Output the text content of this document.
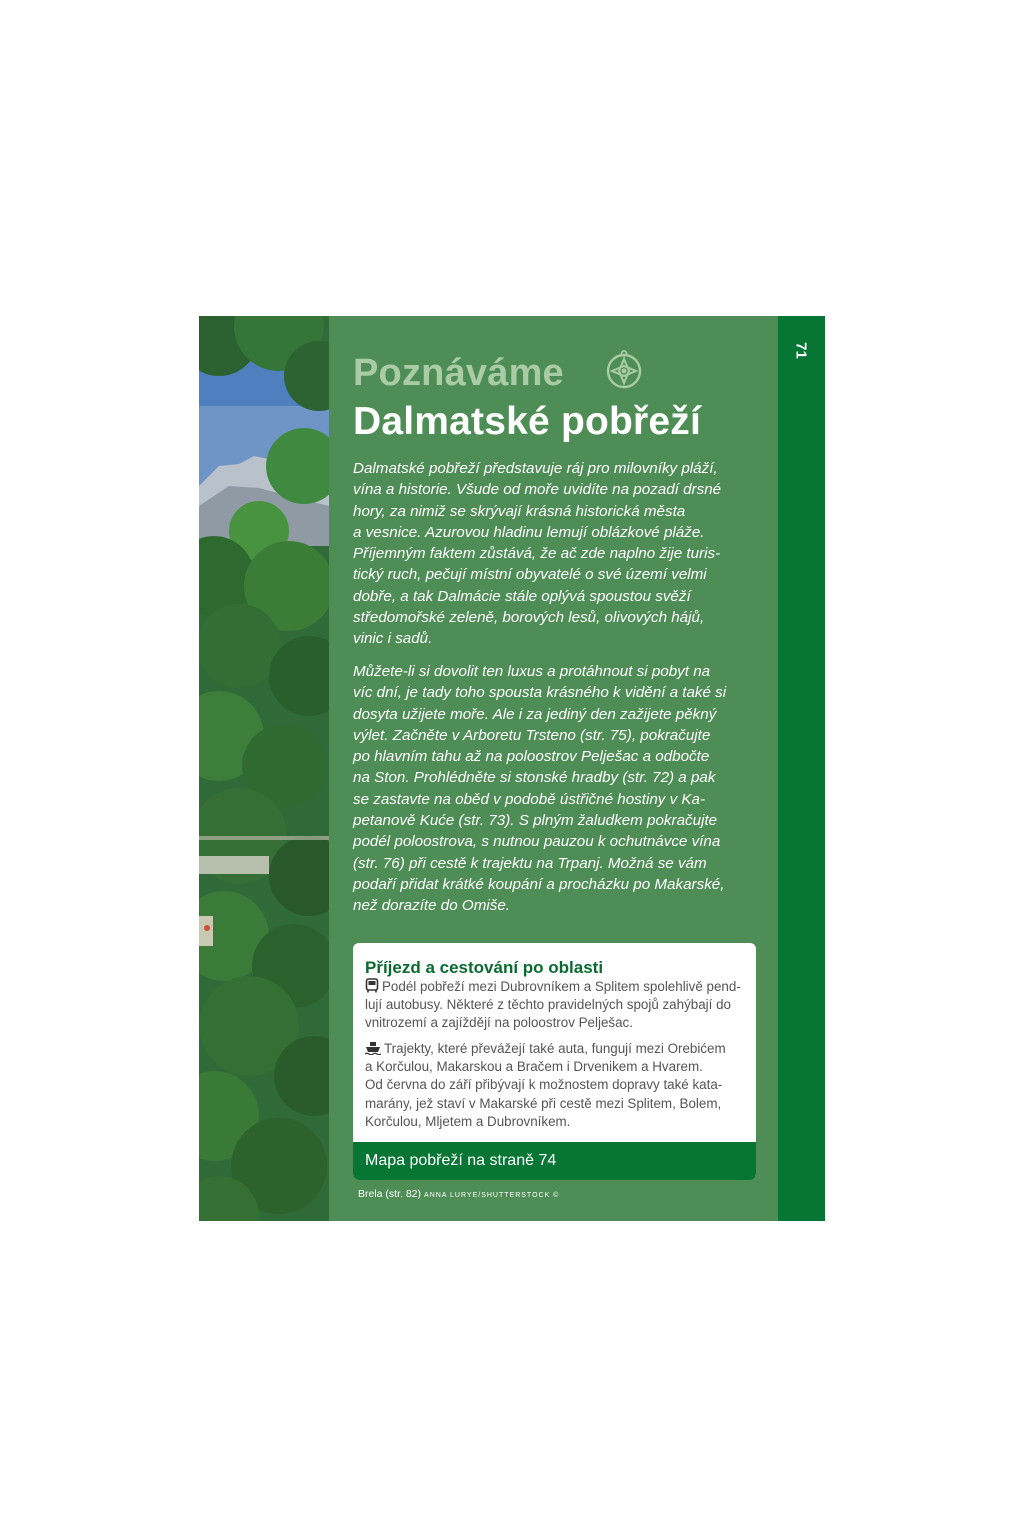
Poznáváme
Dalmatské pobřeží

Dalmatské pobřeží představuje ráj pro milovníky pláží,
vína a historie. Všude od moře uvidíte na pozadí drsné
hory, za nimiž se skrývají krásná historická města
a vesnice. Azurovou hladinu lemují oblázkové pláže.
Příjemným faktem zůstává, že ač zde naplno žije turis-
tický ruch, pečují místní obyvatelé o své území velmi
dobře, a tak Dalmácie stále oplývá spoustou svěží
středomořské zeleně, borových lesů, olivových hájů,
vinic i sadů.

Můžete-li si dovolit ten luxus a protáhnout si pobyt na
víc dní, je tady toho spousta krásného k vidění a také si
dosyta užijete moře. Ale i za jediný den zažijete pěkný
výlet. Začněte v Arboretu Trsteno (str. 75), pokračujte
po hlavním tahu až na poloostrov Pelješac a odbočte
na Ston. Prohlédněte si stonské hradby (str. 72) a pak
se zastavte na oběd v podobě ústřičné hostiny v Ka-
petanově Kuće (str. 73). S plným žaludkem pokračujte
podél poloostrova, s nutnou pauzou k ochutnávce vína
(str. 76) při cestě k trajektu na Trpanj. Možná se vám
podaří přidat krátké koupání a procházku po Makarské,
než dorazíte do Omiše.

Příjezd a cestování po oblasti

Podél pobřeží mezi Dubrovníkem a Splitem spolehlivě pend-
lují autobusy. Některé z těchto pravidelných spojů zahýbají do
vnitrozemí a zajíždějí na poloostrov Pelješac.

Trajekty, které převážejí také auta, fungují mezi Orebićem
a Korčulou, Makarskou a Bračem i Drvenikem a Hvarem.
Od června do září přibývají k možnostem dopravy také kata-
marány, jež staví v Makarské při cestě mezi Splitem, Bolem,
Korčulou, Mljetem a Dubrovníkem.

Mapa pobřeží na straně 74
Brela (str. 82) ANNA LURYE/SHUTTERSTOCK ©
71
